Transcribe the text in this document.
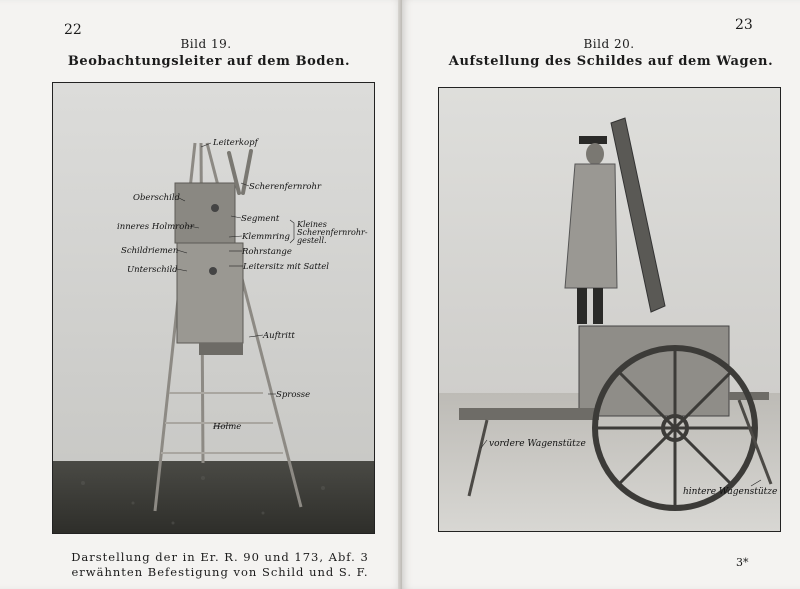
22
Bild 19.
Beobachtungsleiter auf dem Boden.
Leiterkopf
Oberschild
Scherenfernrohr
Segment
inneres Holmrohr
Klemmring
Kleines Scherenfernrohr-gestell.
Schildriemen	Rohrstange
Unterschild	Leitersitz mit Sattel
Auftritt
Sprosse
Holme
Darstellung der in Er. R. 90 und 173, Abf. 3
erwähnten Befestigung von Schild und S. F.
23
Bild 20.
Aufstellung des Schildes auf dem Wagen.
vordere Wagenstütze
hintere Wagenstütze
3*
